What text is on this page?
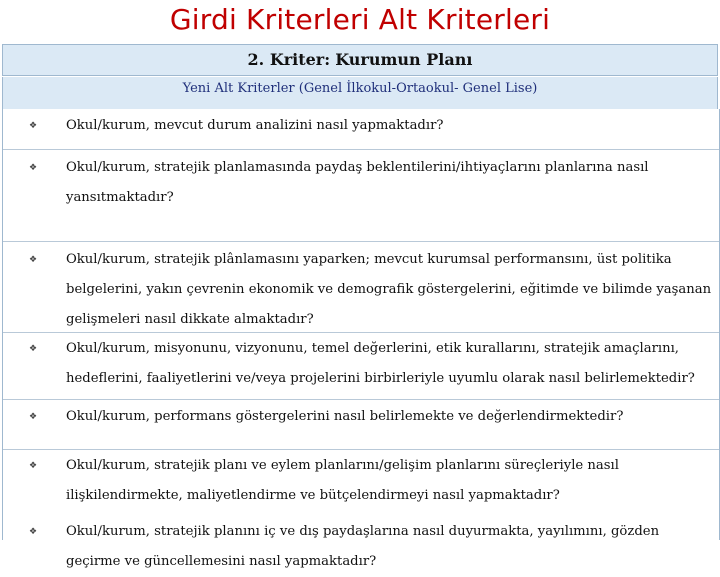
Girdi Kriterleri Alt Kriterleri
2. Kriter: Kurumun Planı
Yeni Alt Kriterler (Genel İlkokul-Ortaokul- Genel Lise)
❖ Okul/kurum, mevcut durum analizini nasıl yapmaktadır?
❖ Okul/kurum, stratejik planlamasında paydaş beklentilerini/ihtiyaçlarını planlarına nasıl yansıtmaktadır?
❖ Okul/kurum, stratejik plânlamasını yaparken; mevcut kurumsal performansını, üst politika belgelerini, yakın çevrenin ekonomik ve demografik göstergelerini, eğitimde ve bilimde yaşanan gelişmeleri nasıl dikkate almaktadır?
❖ Okul/kurum, misyonunu, vizyonunu, temel değerlerini, etik kurallarını, stratejik amaçlarını, hedeflerini, faaliyetlerini ve/veya projelerini birbirleriyle uyumlu olarak nasıl belirlemektedir?
❖ Okul/kurum, performans göstergelerini nasıl belirlemekte ve değerlendirmektedir?
❖ Okul/kurum, stratejik planı ve eylem planlarını/gelişim planlarını süreçleriyle nasıl ilişkilendirmekte, maliyetlendirme ve bütçelendirmeyi nasıl yapmaktadır?
❖ Okul/kurum, stratejik planını iç ve dış paydaşlarına nasıl duyurmakta, yayılımını, gözden geçirme ve güncellemesini nasıl yapmaktadır?
